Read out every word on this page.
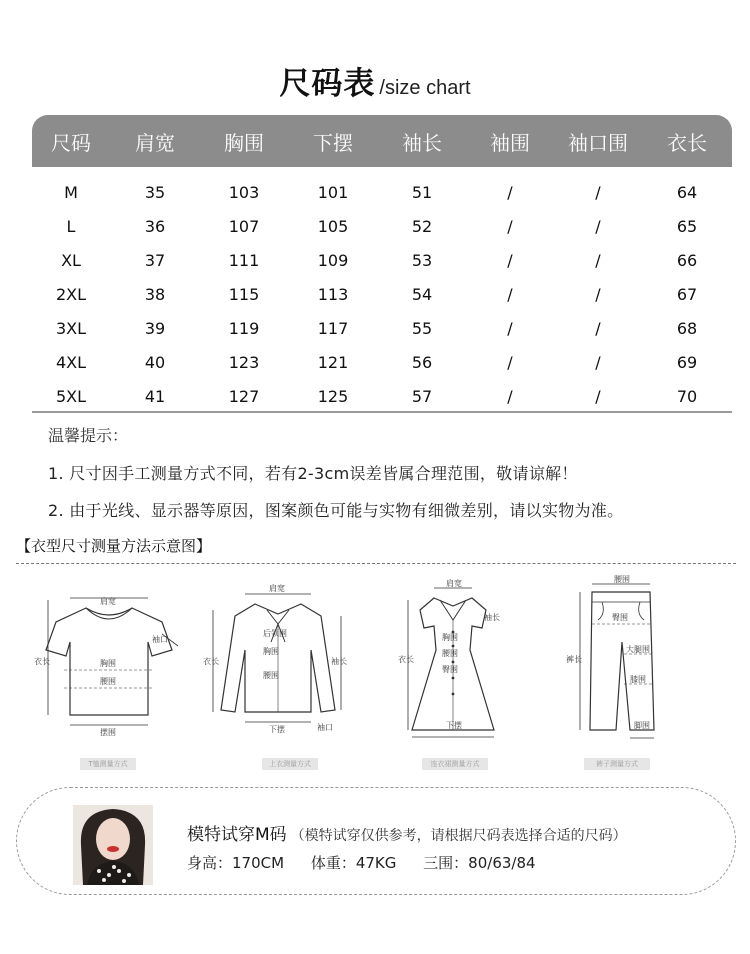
尺码表 /size chart
尺码	肩宽	胸围	下摆	袖长	袖围	袖口围	衣长
M	35	103	101	51	/	/	64
L	36	107	105	52	/	/	65
XL	37	111	109	53	/	/	66
2XL	38	115	113	54	/	/	67
3XL	39	119	117	55	/	/	68
4XL	40	123	121	56	/	/	69
5XL	41	127	125	57	/	/	70
温馨提示：
1. 尺寸因手工测量方式不同，若有2-3cm误差皆属合理范围，敬请谅解！
2. 由于光线、显示器等原因，图案颜色可能与实物有细微差别，请以实物为准。
【衣型尺寸测量方法示意图】
肩宽
袖口
衣长	胸围
腰围
摆围
T恤测量方式
肩宽
后领围
衣长
胸围
腰围
袖长
下摆	袖口
上衣测量方式
肩宽
袖长
衣长
胸围
腰围
臀围
下摆
连衣裙测量方式
腰围
臀围
大腿围
裤长
膝围
脚围
裤子测量方式
模特试穿M码 （模特试穿仅供参考，请根据尺码表选择合适的尺码）
身高：170CM 体重：47KG 三围：80/63/84
